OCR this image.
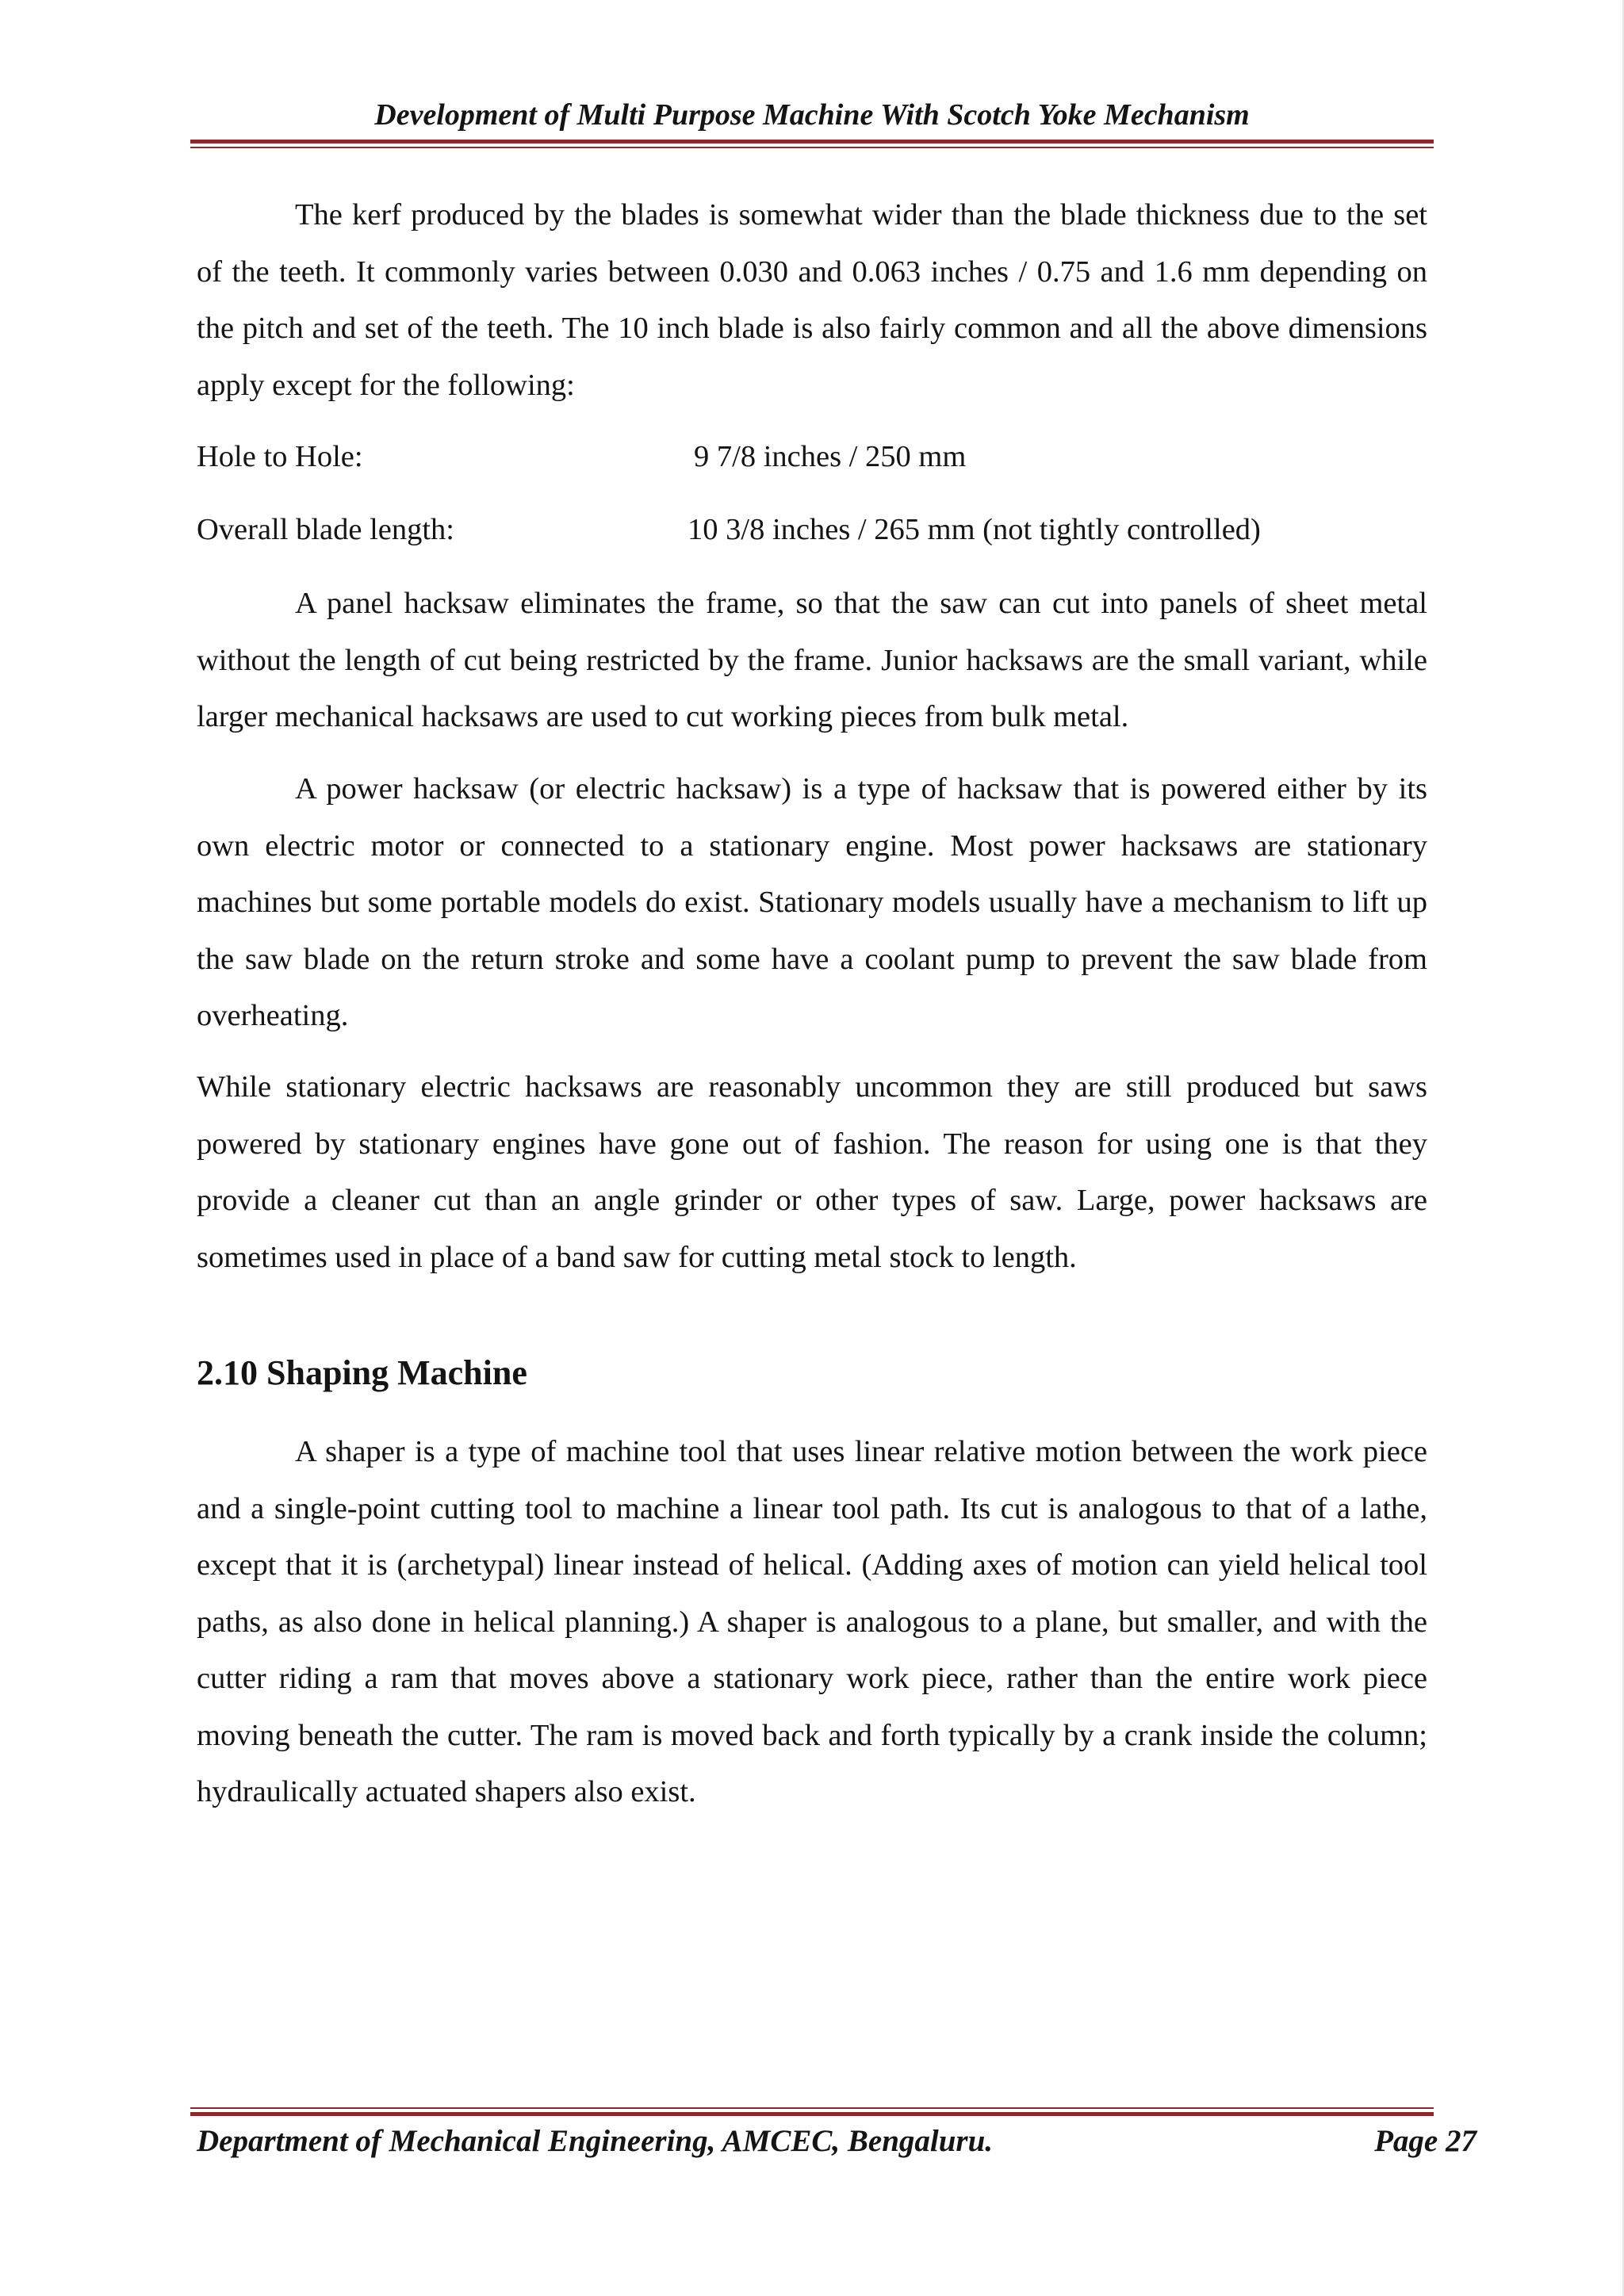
Development of Multi Purpose Machine With Scotch Yoke Mechanism

The kerf produced by the blades is somewhat wider than the blade thickness due to the set of the teeth. It commonly varies between 0.030 and 0.063 inches / 0.75 and 1.6 mm depending on the pitch and set of the teeth. The 10 inch blade is also fairly common and all the above dimensions apply except for the following:

Hole to Hole:	9 7/8 inches / 250 mm
Overall blade length:	10 3/8 inches / 265 mm (not tightly controlled)

A panel hacksaw eliminates the frame, so that the saw can cut into panels of sheet metal without the length of cut being restricted by the frame. Junior hacksaws are the small variant, while larger mechanical hacksaws are used to cut working pieces from bulk metal.

A power hacksaw (or electric hacksaw) is a type of hacksaw that is powered either by its own electric motor or connected to a stationary engine. Most power hacksaws are stationary machines but some portable models do exist. Stationary models usually have a mechanism to lift up the saw blade on the return stroke and some have a coolant pump to prevent the saw blade from overheating.

While stationary electric hacksaws are reasonably uncommon they are still produced but saws powered by stationary engines have gone out of fashion. The reason for using one is that they provide a cleaner cut than an angle grinder or other types of saw. Large, power hacksaws are sometimes used in place of a band saw for cutting metal stock to length.

2.10 Shaping Machine

A shaper is a type of machine tool that uses linear relative motion between the work piece and a single-point cutting tool to machine a linear tool path. Its cut is analogous to that of a lathe, except that it is (archetypal) linear instead of helical. (Adding axes of motion can yield helical tool paths, as also done in helical planning.) A shaper is analogous to a plane, but smaller, and with the cutter riding a ram that moves above a stationary work piece, rather than the entire work piece moving beneath the cutter. The ram is moved back and forth typically by a crank inside the column; hydraulically actuated shapers also exist.

Department of Mechanical Engineering, AMCEC, Bengaluru.	Page 27
